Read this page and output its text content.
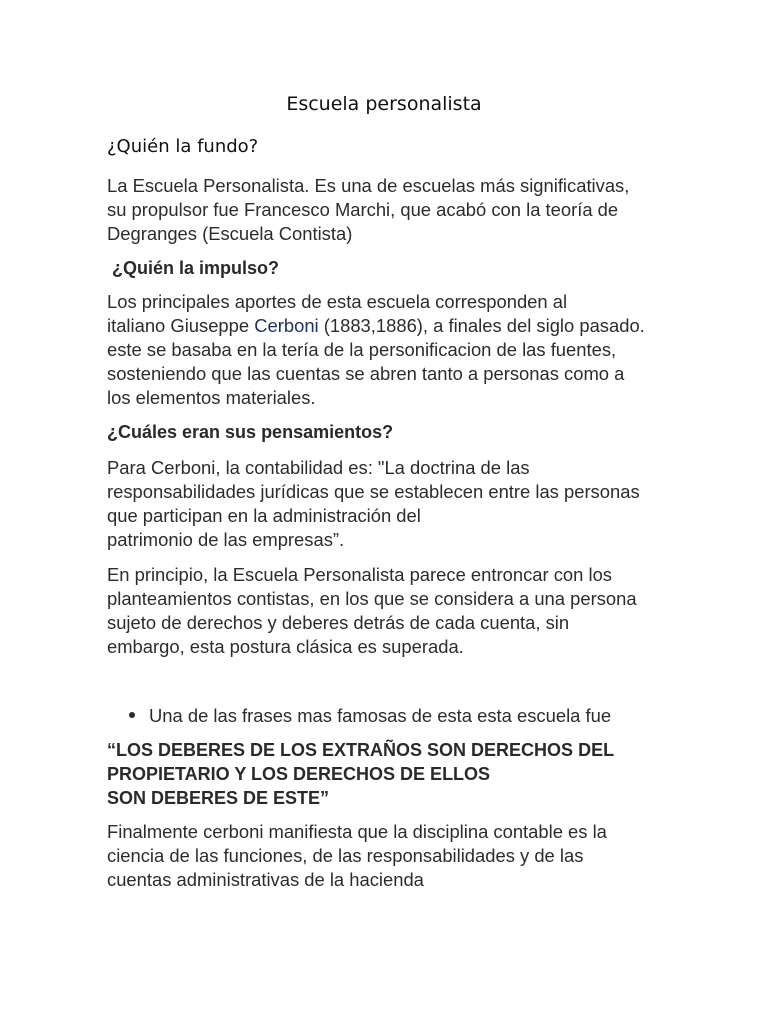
Escuela personalista
¿Quién la fundo?

La Escuela Personalista. Es una de escuelas más significativas,
su propulsor fue Francesco Marchi, que acabó con la teoría de
Degranges (Escuela Contista)

¿Quién la impulso?

Los principales aportes de esta escuela corresponden al
italiano Giuseppe Cerboni (1883,1886), a finales del siglo pasado.
este se basaba en la tería de la personificacion de las fuentes,
sosteniendo que las cuentas se abren tanto a personas como a
los elementos materiales.

¿Cuáles eran sus pensamientos?

Para Cerboni, la contabilidad es: "La doctrina de las
responsabilidades jurídicas que se establecen entre las personas
que participan en la administración del
patrimonio de las empresas”.

En principio, la Escuela Personalista parece entroncar con los
planteamientos contistas, en los que se considera a una persona
sujeto de derechos y deberes detrás de cada cuenta, sin
embargo, esta postura clásica es superada.

Una de las frases mas famosas de esta esta escuela fue

“LOS DEBERES DE LOS EXTRAÑOS SON DERECHOS DEL
PROPIETARIO Y LOS DERECHOS DE ELLOS
SON DEBERES DE ESTE”

Finalmente cerboni manifiesta que la disciplina contable es la
ciencia de las funciones, de las responsabilidades y de las
cuentas administrativas de la hacienda
